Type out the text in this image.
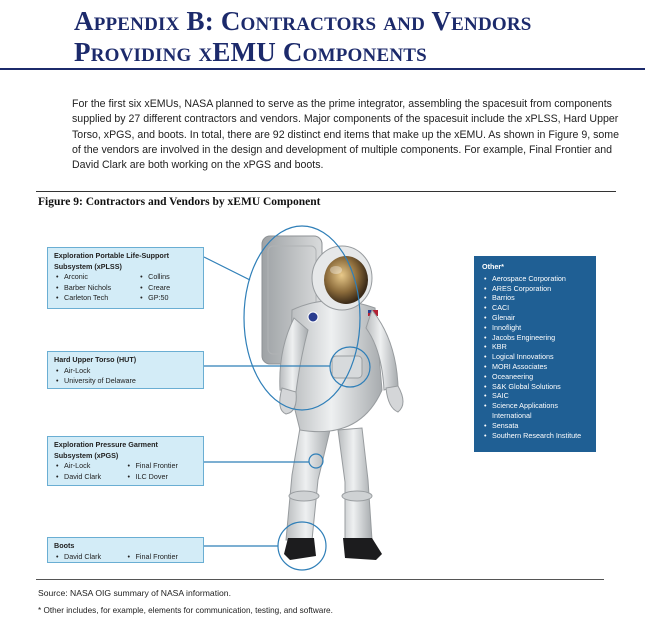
Appendix B: Contractors and Vendors
Providing xEMU Components

For the first six xEMUs, NASA planned to serve as the prime integrator, assembling the spacesuit from components supplied by 27 different contractors and vendors. Major components of the spacesuit include the xPLSS, Hard Upper Torso, xPGS, and boots. In total, there are 92 distinct end items that make up the xEMU. As shown in Figure 9, some of the vendors are involved in the design and development of multiple components. For example, Final Frontier and David Clark are both working on the xPGS and boots.

Figure 9: Contractors and Vendors by xEMU Component
Exploration Portable Life-Support Subsystem (xPLSS)
• Arconic
• Barber Nichols
• Carleton Tech
• Collins
• Creare
• GP:50
Hard Upper Torso (HUT)
• Air-Lock
• University of Delaware
Exploration Pressure Garment Subsystem (xPGS)
• Air-Lock
• David Clark
• Final Frontier
• ILC Dover
Boots
• David Clark
•	Final Frontier
Other*
• Aerospace Corporation
• ARES Corporation
• Barrios
• CACI
• Glenair
• Innoflight
• Jacobs Engineering
• KBR
• Logical Innovations
• MORI Associates
• Oceaneering
• S&K Global Solutions
• SAIC
• Science Applications International
• Sensata
• Southern Research Institute
Source: NASA OIG summary of NASA information.
* Other includes, for example, elements for communication, testing, and software.
